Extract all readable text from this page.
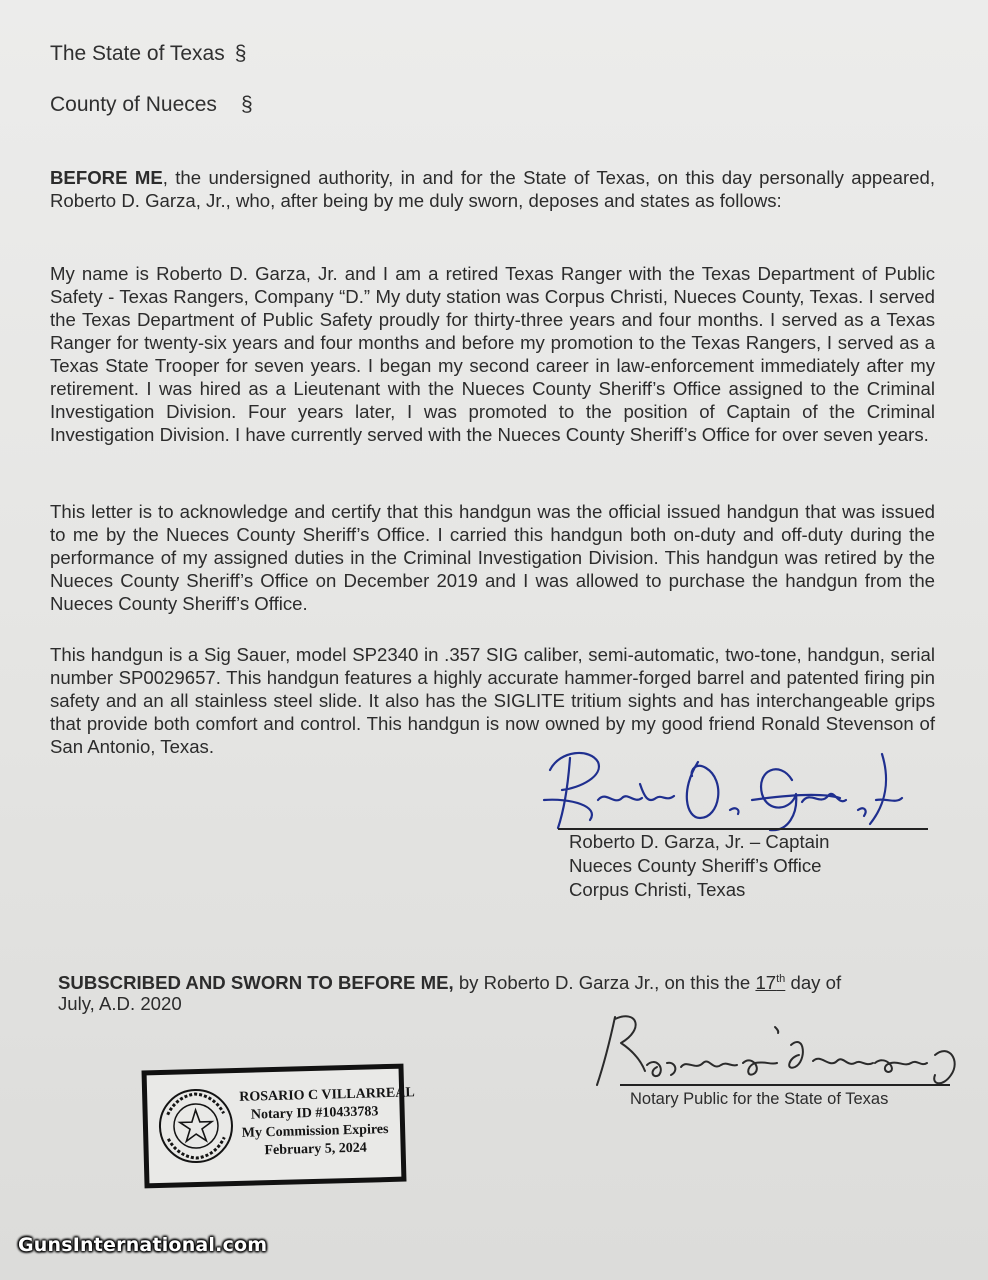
The State of Texas §
County of Nueces §
BEFORE ME, the undersigned authority, in and for the State of Texas, on this day personally appeared, Roberto D. Garza, Jr., who, after being by me duly sworn, deposes and states as follows:
My name is Roberto D. Garza, Jr. and I am a retired Texas Ranger with the Texas Department of Public Safety - Texas Rangers, Company “D.” My duty station was Corpus Christi, Nueces County, Texas. I served the Texas Department of Public Safety proudly for thirty-three years and four months. I served as a Texas Ranger for twenty-six years and four months and before my promotion to the Texas Rangers, I served as a Texas State Trooper for seven years. I began my second career in law-enforcement immediately after my retirement. I was hired as a Lieutenant with the Nueces County Sheriff’s Office assigned to the Criminal Investigation Division. Four years later, I was promoted to the position of Captain of the Criminal Investigation Division. I have currently served with the Nueces County Sheriff’s Office for over seven years.
This letter is to acknowledge and certify that this handgun was the official issued handgun that was issued to me by the Nueces County Sheriff’s Office. I carried this handgun both on-duty and off-duty during the performance of my assigned duties in the Criminal Investigation Division. This handgun was retired by the Nueces County Sheriff’s Office on December 2019 and I was allowed to purchase the handgun from the Nueces County Sheriff’s Office.
This handgun is a Sig Sauer, model SP2340 in .357 SIG caliber, semi-automatic, two-tone, handgun, serial number SP0029657. This handgun features a highly accurate hammer-forged barrel and patented firing pin safety and an all stainless steel slide. It also has the SIGLITE tritium sights and has interchangeable grips that provide both comfort and control. This handgun is now owned by my good friend Ronald Stevenson of San Antonio, Texas.
Roberto D. Garza, Jr. – Captain
Nueces County Sheriff’s Office
Corpus Christi, Texas
SUBSCRIBED AND SWORN TO BEFORE ME, by Roberto D. Garza Jr., on this the 17th day of
July, A.D. 2020
Notary Public for the State of Texas
ROSARIO C VILLARREAL
Notary ID #10433783
My Commission Expires
February 5, 2024
GunsInternational.com
